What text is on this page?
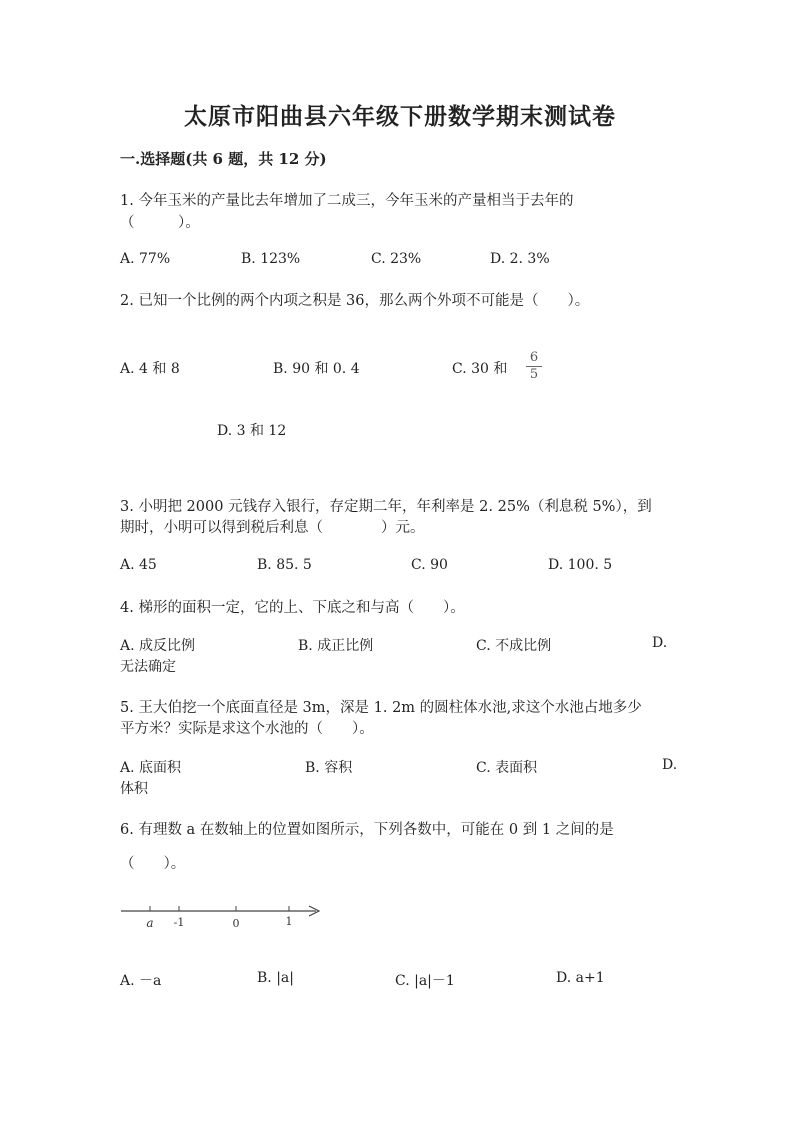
太原市阳曲县六年级下册数学期末测试卷
一.选择题(共 6 题，共 12 分)
1. 今年玉米的产量比去年增加了二成三，今年玉米的产量相当于去年的
（　　　）。
A. 77%	B. 123%	C. 23%	D. 2. 3%
2. 已知一个比例的两个内项之积是 36，那么两个外项不可能是（　　）。
A. 4 和 8	B. 90 和 0. 4	C. 30 和
6
5
D. 3 和 12
3. 小明把 2000 元钱存入银行，存定期二年，年利率是 2. 25%（利息税 5%），到
期时，小明可以得到税后利息（　　　　）元。
A. 45	B. 85. 5	C. 90	D. 100. 5
4. 梯形的面积一定，它的上、下底之和与高（　　）。
A. 成反比例	B. 成正比例	C. 不成比例	D.
无法确定
5. 王大伯挖一个底面直径是 3m，深是 1. 2m 的圆柱体水池,求这个水池占地多少
平方米？实际是求这个水池的（　　）。
A. 底面积	B. 容积	C. 表面积	D.
体积
6. 有理数 a 在数轴上的位置如图所示，下列各数中，可能在 0 到 1 之间的是
（　　）。
a -1	0	1
A. －a	B. |a|	C. |a|－1	D. a+1
